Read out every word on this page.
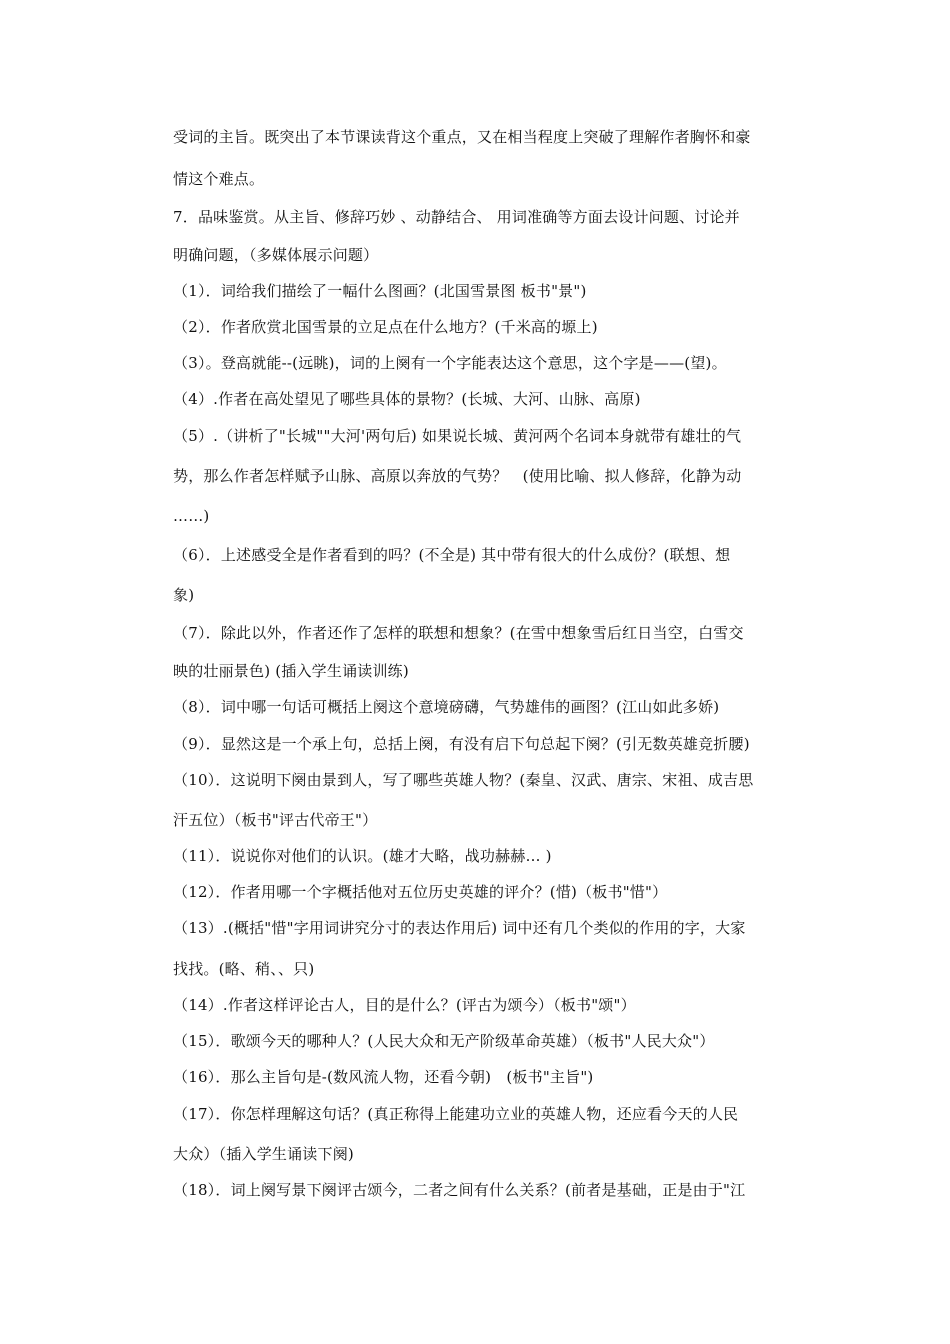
受词的主旨。既突出了本节课读背这个重点，又在相当程度上突破了理解作者胸怀和豪
情这个难点。
7．品味鉴赏。从主旨、修辞巧妙 、动静结合、 用词准确等方面去设计问题、讨论并
明确问题，（多媒体展示问题）
（1）．词给我们描绘了一幅什么图画？(北国雪景图 板书"景")
（2）．作者欣赏北国雪景的立足点在什么地方？(千米高的塬上)
（3）。登高就能--(远眺)，词的上阕有一个字能表达这个意思，这个字是——(望)。
（4）.作者在高处望见了哪些具体的景物？(长城、大河、山脉、高原)
（5）.（讲析了"长城""大河'两句后) 如果说长城、黄河两个名词本身就带有雄壮的气
势，那么作者怎样赋予山脉、高原以奔放的气势？　(使用比喻、拟人修辞，化静为动
……)
（6）．上述感受全是作者看到的吗？(不全是) 其中带有很大的什么成份？(联想、想
象)
（7）．除此以外，作者还作了怎样的联想和想象？(在雪中想象雪后红日当空，白雪交
映的壮丽景色) (插入学生诵读训练)
（8）．词中哪一句话可概括上阕这个意境磅礴，气势雄伟的画图？(江山如此多娇)
（9）．显然这是一个承上句，总括上阕，有没有启下句总起下阕？(引无数英雄竞折腰)
（10）．这说明下阕由景到人，写了哪些英雄人物？(秦皇、汉武、唐宗、宋祖、成吉思
汗五位）（板书"评古代帝王"）
（11）．说说你对他们的认识。(雄才大略，战功赫赫… )
（12）．作者用哪一个字概括他对五位历史英雄的评介？(惜)（板书"惜"）
（13）.(概括"惜"字用词讲究分寸的表达作用后) 词中还有几个类似的作用的字，大家
找找。(略、稍、、只)
（14）.作者这样评论古人，目的是什么？(评古为颂今）（板书"颂"）
（15）．歌颂今天的哪种人？(人民大众和无产阶级革命英雄）（板书"人民大众"）
（16）．那么主旨句是-(数风流人物，还看今朝)　(板书"主旨")
（17）．你怎样理解这句话？(真正称得上能建功立业的英雄人物，还应看今天的人民
大众）（插入学生诵读下阕)
（18）．词上阕写景下阕评古颂今，二者之间有什么关系？(前者是基础，正是由于"江
